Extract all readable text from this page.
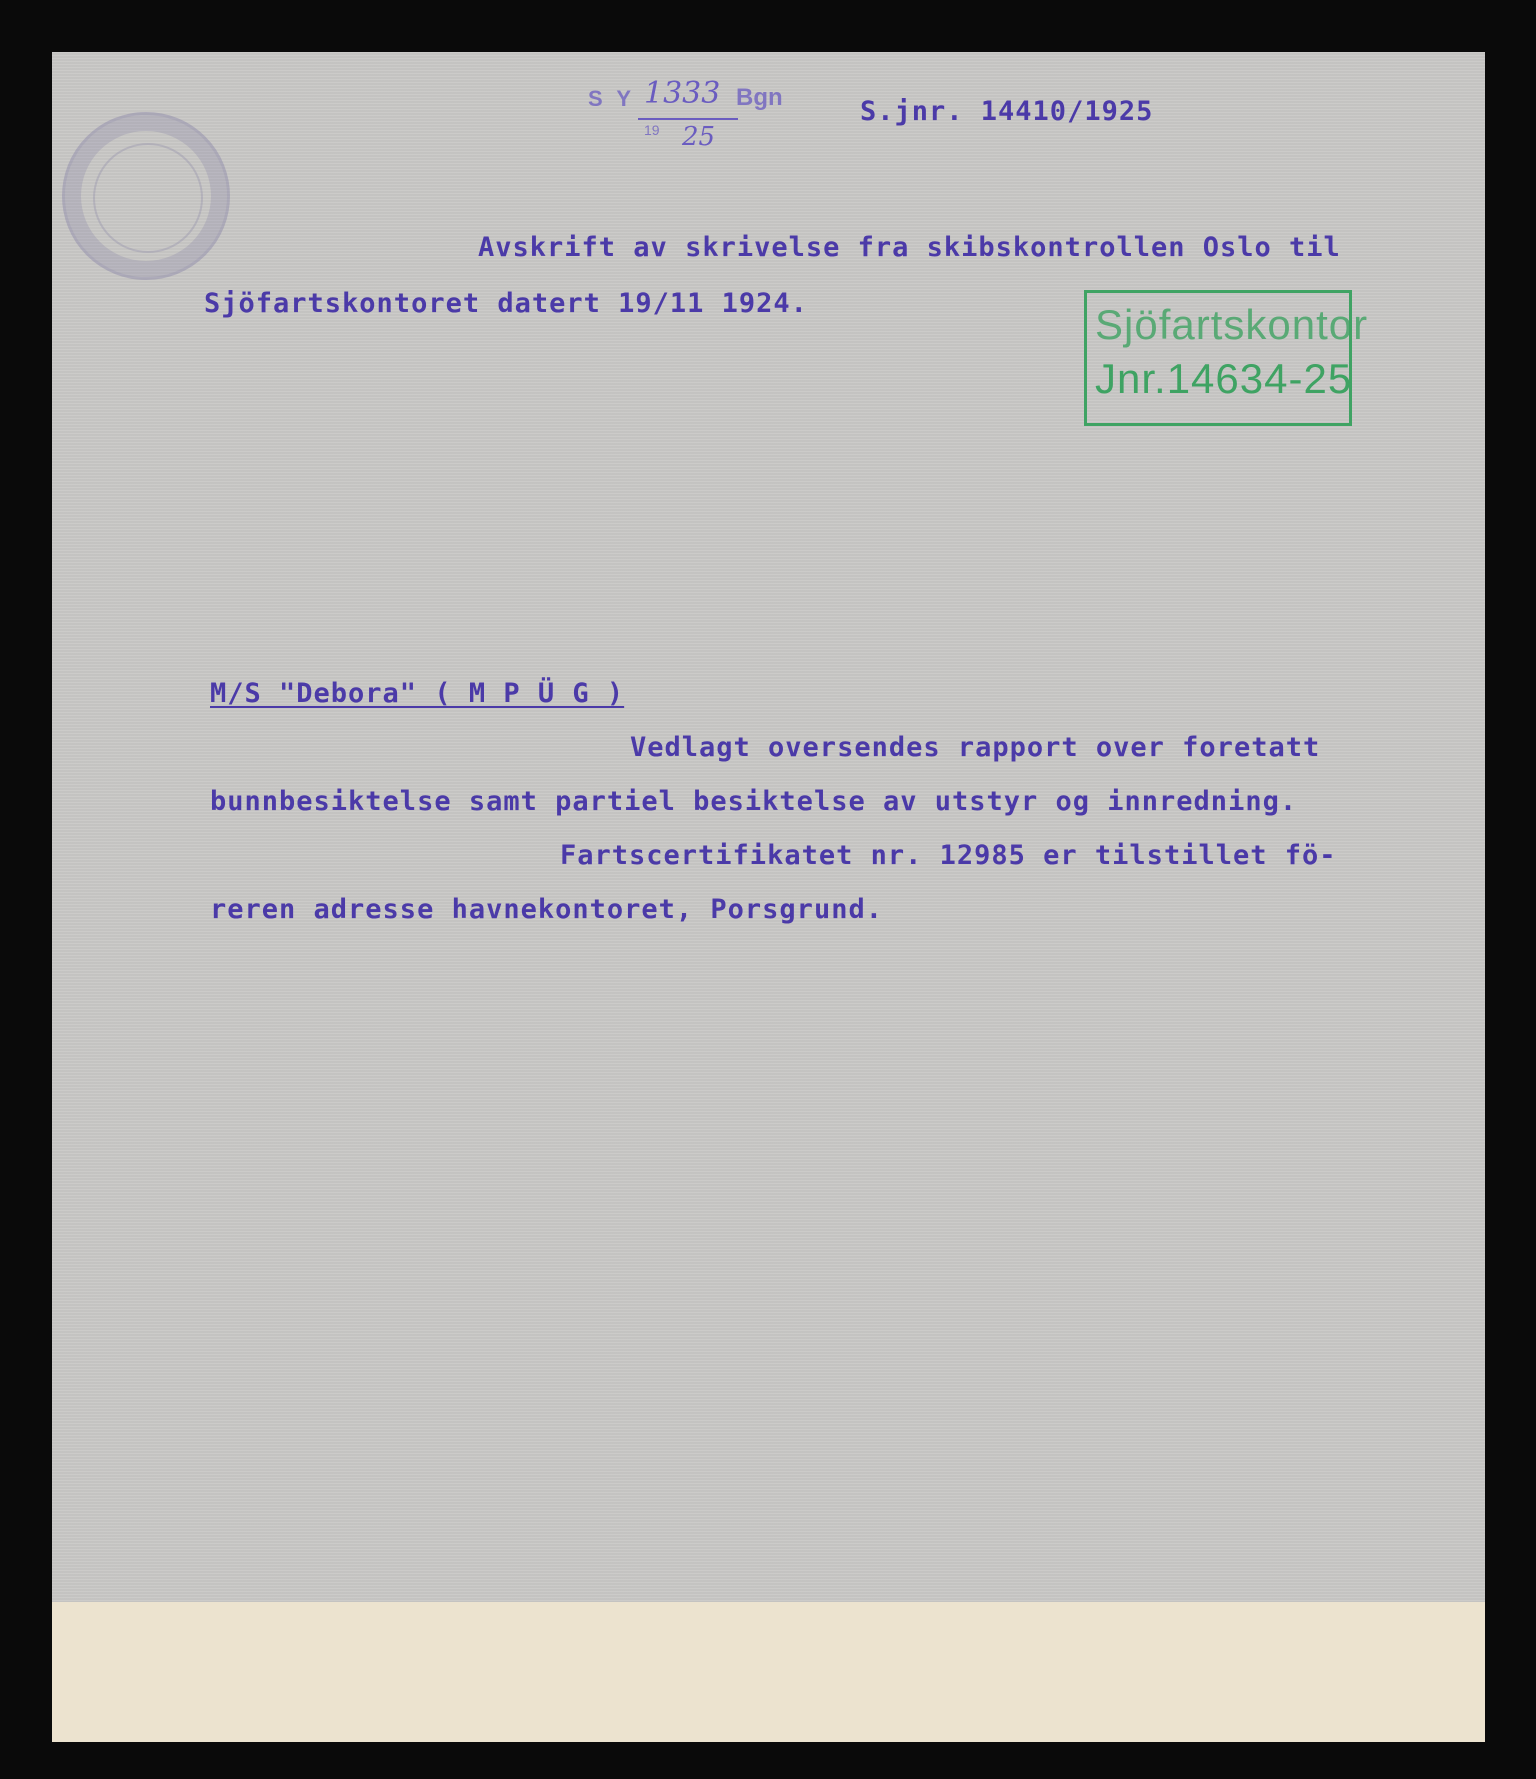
S Y 1333 Bgn
19 25
S.jnr. 14410/1925
Avskrift av skrivelse fra skibskontrollen Oslo til
Sjöfartskontoret datert 19/11 1924.	Sjöfartskontor
Jnr.14634-25
M/S "Debora" ( M P Ü G )
Vedlagt oversendes rapport over foretatt
bunnbesiktelse samt partiel besiktelse av utstyr og innredning.
Fartscertifikatet nr. 12985 er tilstillet fö-
reren adresse havnekontoret, Porsgrund.
